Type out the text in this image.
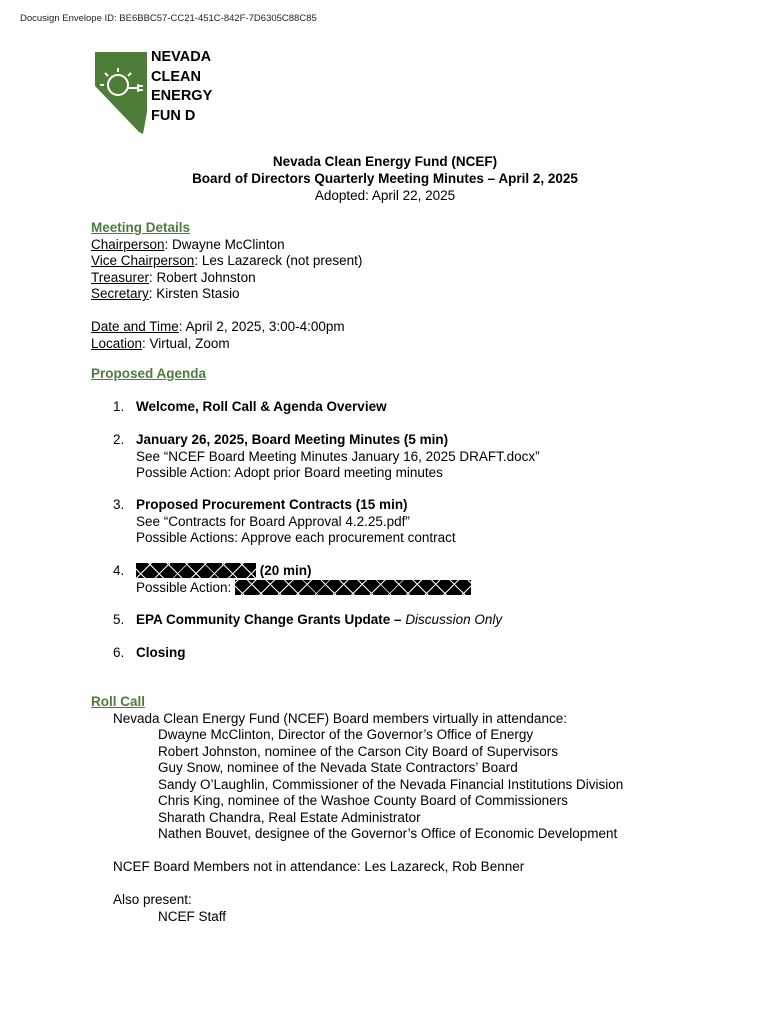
Docusign Envelope ID: BE6BBC57-CC21-451C-842F-7D6305C88C85
NEVADA
CLEAN
ENERGY
FUN D
Nevada Clean Energy Fund (NCEF)
Board of Directors Quarterly Meeting Minutes – April 2, 2025
Adopted: April 22, 2025
Meeting Details
Chairperson: Dwayne McClinton
Vice Chairperson: Les Lazareck (not present)
Treasurer: Robert Johnston
Secretary: Kirsten Stasio
Date and Time: April 2, 2025, 3:00-4:00pm
Location: Virtual, Zoom
Proposed Agenda
1. Welcome, Roll Call & Agenda Overview
2. January 26, 2025, Board Meeting Minutes (5 min)
See “NCEF Board Meeting Minutes January 16, 2025 DRAFT.docx”
Possible Action: Adopt prior Board meeting minutes
3. Proposed Procurement Contracts (15 min)
See “Contracts for Board Approval 4.2.25.pdf”
Possible Actions: Approve each procurement contract
4.	(20 min)
Possible Action:
5. EPA Community Change Grants Update – Discussion Only
6. Closing
Roll Call
Nevada Clean Energy Fund (NCEF) Board members virtually in attendance:
Dwayne McClinton, Director of the Governor’s Office of Energy
Robert Johnston, nominee of the Carson City Board of Supervisors
Guy Snow, nominee of the Nevada State Contractors’ Board
Sandy O’Laughlin, Commissioner of the Nevada Financial Institutions Division
Chris King, nominee of the Washoe County Board of Commissioners
Sharath Chandra, Real Estate Administrator
Nathen Bouvet, designee of the Governor’s Office of Economic Development
NCEF Board Members not in attendance: Les Lazareck, Rob Benner
Also present:
NCEF Staff
